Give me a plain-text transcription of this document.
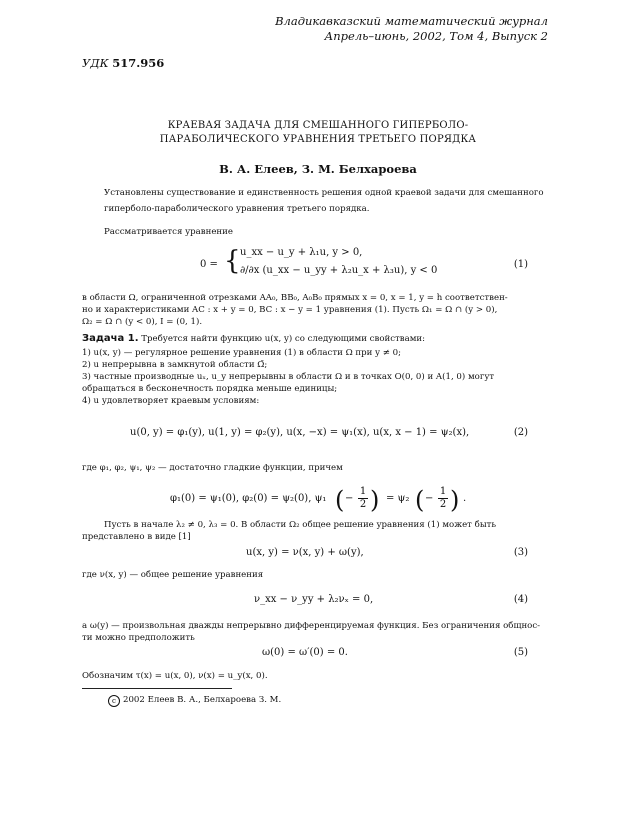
Владикавказский математический журнал
Апрель–июнь, 2002, Том 4, Выпуск 2
УДК 517.956
КРАЕВАЯ ЗАДАЧА ДЛЯ СМЕШАННОГО ГИПЕРБОЛО-
ПАРАБОЛИЧЕСКОГО УРАВНЕНИЯ ТРЕТЬЕГО ПОРЯДКА
В. А. Елеев, З. М. Белхароева
Установлены существование и единственность решения одной краевой задачи для смешанного гиперболо-параболического уравнения третьего порядка.
Рассматривается уравнение
0 = { u_xx − u_y + λ₁u, y > 0,
∂/∂x (u_xx − u_yy + λ₂u_x + λ₃u), y < 0
(1)
в области Ω, ограниченной отрезками AA₀, BB₀, A₀B₀ прямых x = 0, x = 1, y = h соответствен-
но и характеристиками AC : x + y = 0, BC : x − y = 1 уравнения (1). Пусть Ω₁ = Ω ∩ (y > 0),
Ω₂ = Ω ∩ (y < 0), I = (0, 1).
Задача 1. Требуется найти функцию u(x, y) со следующими свойствами:
1) u(x, y) — регулярное решение уравнения (1) в области Ω при y ≠ 0;
2) u непрерывна в замкнутой области Ω̄;
3) частные производные uₓ, u_y непрерывны в области Ω и в точках O(0, 0) и A(1, 0) могут
обращаться в бесконечность порядка меньше единицы;
4) u удовлетворяет краевым условиям:
u(0, y) = φ₁(y), u(1, y) = φ₂(y), u(x, −x) = ψ₁(x), u(x, x − 1) = ψ₂(x),	(2)
где φ₁, φ₂, ψ₁, ψ₂ — достаточно гладкие функции, причем
φ₁(0) = ψ₁(0), φ₂(0) = ψ₂(0), ψ₁ ( − $\frac{1}{2}$ ) = ψ₂ ( − $\frac{1}{2}$ ) .
Пусть в начале λ₂ ≠ 0, λ₃ = 0. В области Ω₂ общее решение уравнения (1) может быть
представлено в виде [1]
u(x, y) = ν(x, y) + ω(y),	(3)
где ν(x, y) — общее решение уравнения
ν_xx − ν_yy + λ₂νₓ = 0,	(4)
а ω(y) — произвольная дважды непрерывно дифференцируемая функция. Без ограничения общнос-
ти можно предположить
ω(0) = ω′(0) = 0.	(5)
Обозначим τ(x) = u(x, 0), ν(x) = u_y(x, 0).
c 2002 Елеев В. А., Белхароева З. М.
